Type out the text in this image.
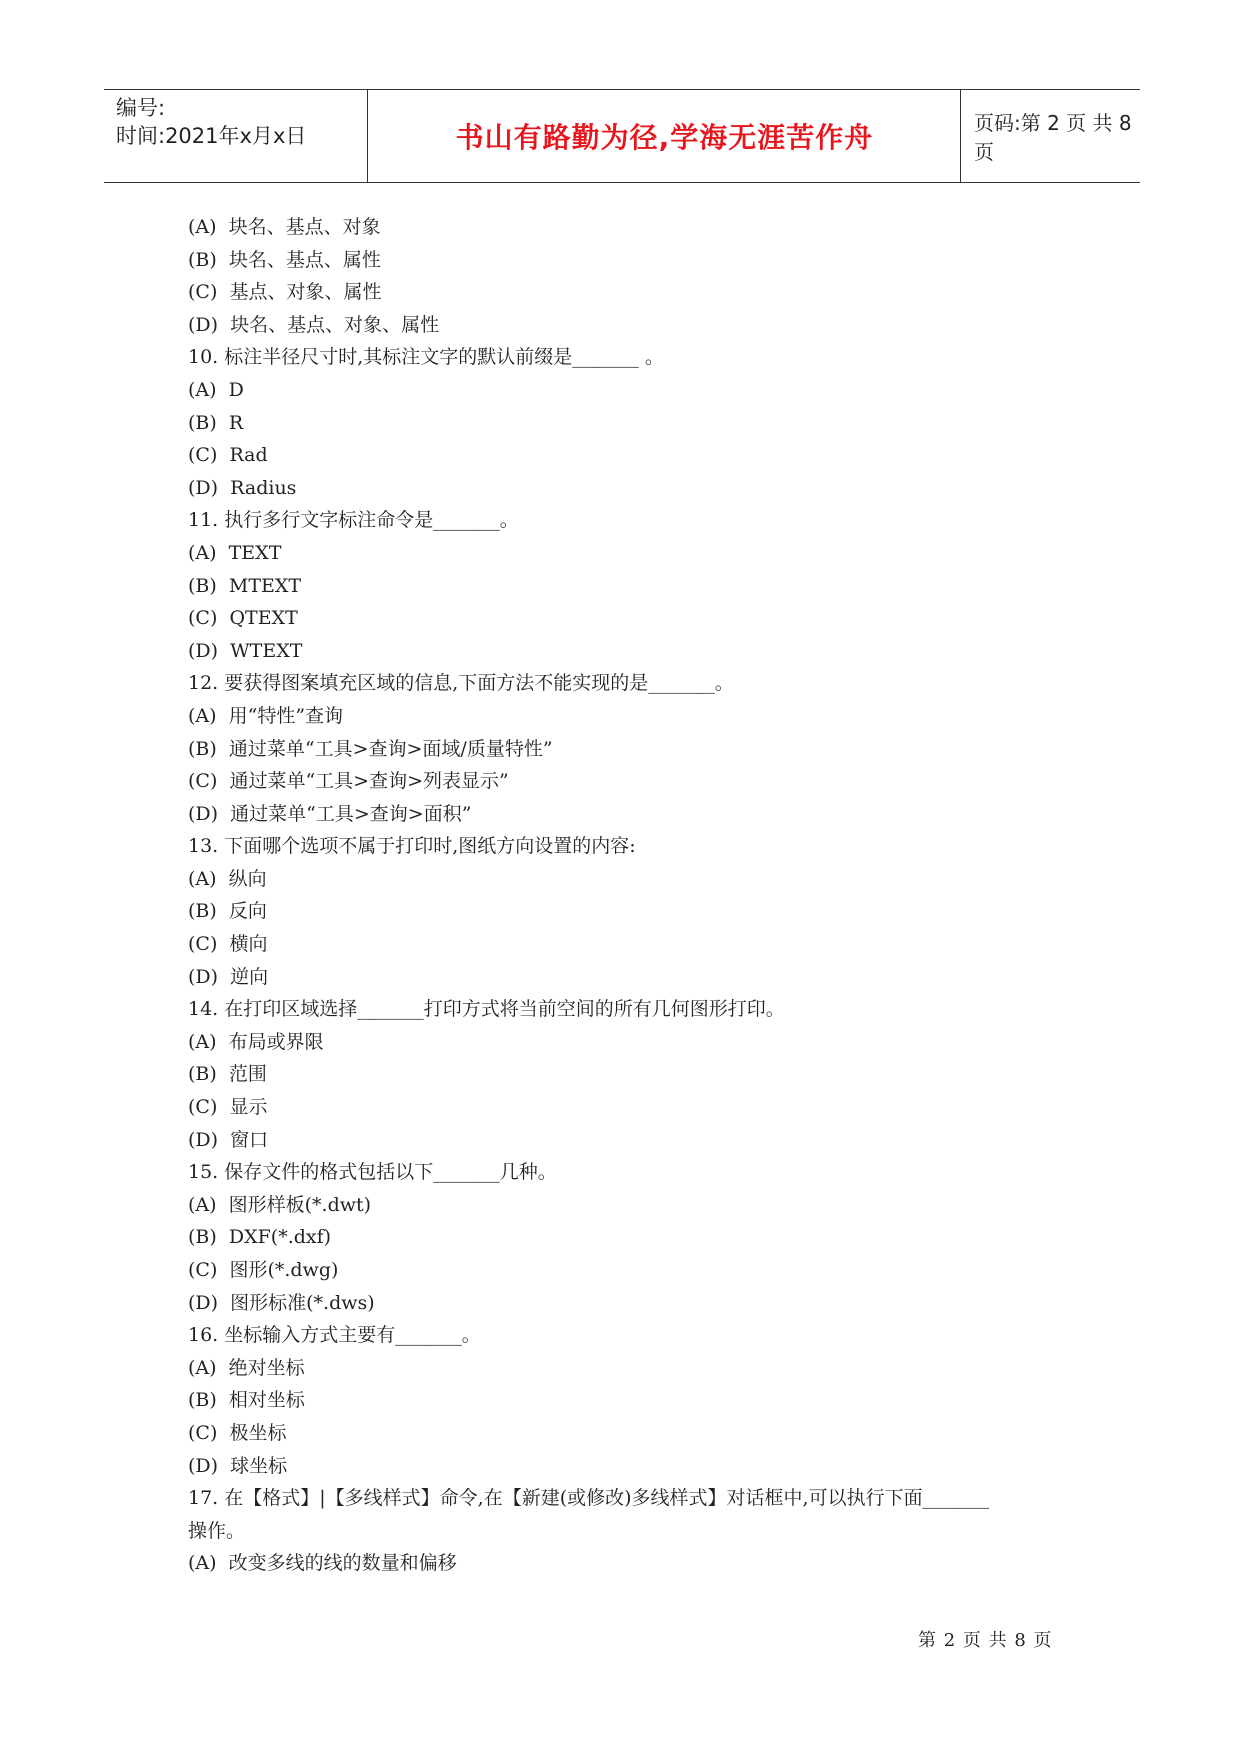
编号:
时间:2021年x月x日	书山有路勤为径,学海无涯苦作舟	页码:第 2 页 共 8 页
(A)  块名、基点、对象
(B)  块名、基点、属性
(C)  基点、对象、属性
(D)  块名、基点、对象、属性
10. 标注半径尺寸时,其标注文字的默认前缀是_______ 。
(A)  D
(B)  R
(C)  Rad
(D)  Radius
11. 执行多行文字标注命令是_______。
(A)  TEXT
(B)  MTEXT
(C)  QTEXT
(D)  WTEXT
12. 要获得图案填充区域的信息,下面方法不能实现的是_______。
(A)  用“特性”查询
(B)  通过菜单“工具>查询>面域/质量特性”
(C)  通过菜单“工具>查询>列表显示”
(D)  通过菜单“工具>查询>面积”
13. 下面哪个选项不属于打印时,图纸方向设置的内容:
(A)  纵向
(B)  反向
(C)  横向
(D)  逆向
14. 在打印区域选择_______打印方式将当前空间的所有几何图形打印。
(A)  布局或界限
(B)  范围
(C)  显示
(D)  窗口
15. 保存文件的格式包括以下_______几种。
(A)  图形样板(*.dwt)
(B)  DXF(*.dxf)
(C)  图形(*.dwg)
(D)  图形标准(*.dws)
16. 坐标输入方式主要有_______。
(A)  绝对坐标
(B)  相对坐标
(C)  极坐标
(D)  球坐标
17. 在【格式】|【多线样式】命令,在【新建(或修改)多线样式】对话框中,可以执行下面_______
操作。
(A)  改变多线的线的数量和偏移
第 2 页 共 8 页
